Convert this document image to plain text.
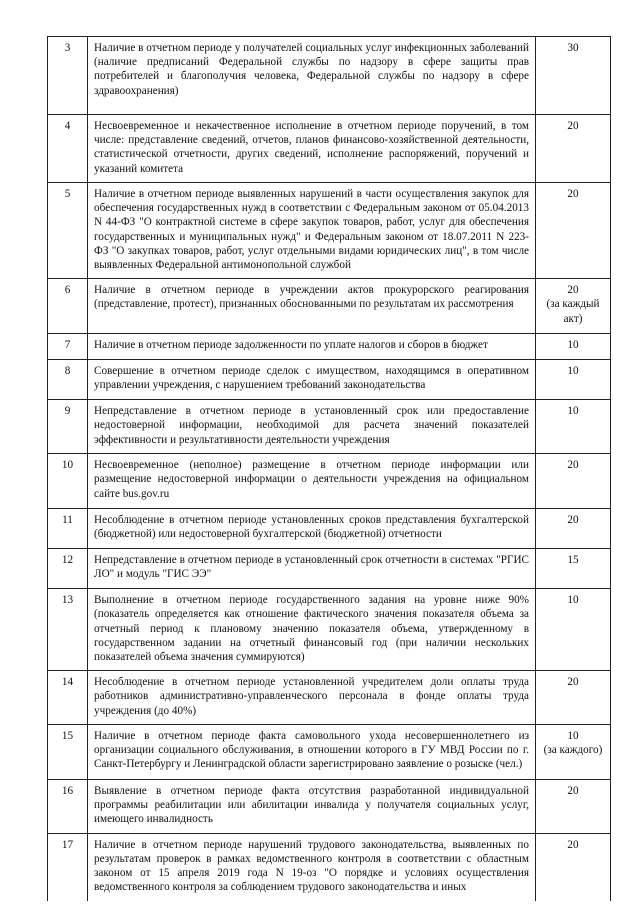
3	Наличие в отчетном периоде у получателей социальных услуг инфекционных заболеваний (наличие предписаний Федеральной службы по надзору в сфере защиты прав потребителей и благополучия человека, Федеральной службы по надзору в сфере здравоохранения)	30
4	Несвоевременное и некачественное исполнение в отчетном периоде поручений, в том числе: представление сведений, отчетов, планов финансово-хозяйственной деятельности, статистической отчетности, других сведений, исполнение распоряжений, поручений и указаний комитета	20
5	Наличие в отчетном периоде выявленных нарушений в части осуществления закупок для обеспечения государственных нужд в соответствии с Федеральным законом от 05.04.2013 N 44-ФЗ "О контрактной системе в сфере закупок товаров, работ, услуг для обеспечения государственных и муниципальных нужд" и Федеральным законом от 18.07.2011 N 223-ФЗ "О закупках товаров, работ, услуг отдельными видами юридических лиц", в том числе выявленных Федеральной антимонопольной службой	20
6	Наличие в отчетном периоде в учреждении актов прокурорского реагирования (представление, протест), признанных обоснованными по результатам их рассмотрения	20
(за каждый акт)

7	Наличие в отчетном периоде задолженности по уплате налогов и сборов в бюджет	10
8	Совершение в отчетном периоде сделок с имуществом, находящимся в оперативном управлении учреждения, с нарушением требований законодательства	10
9	Непредставление в отчетном периоде в установленный срок или предоставление недостоверной информации, необходимой для расчета значений показателей эффективности и результативности деятельности учреждения	10
10	Несвоевременное (неполное) размещение в отчетном периоде информации или размещение недостоверной информации о деятельности учреждения на официальном сайте bus.gov.ru	20
11	Несоблюдение в отчетном периоде установленных сроков представления бухгалтерской (бюджетной) или недостоверной бухгалтерской (бюджетной) отчетности	20
12	Непредставление в отчетном периоде в установленный срок отчетности в системах "РГИС ЛО" и модуль "ГИС ЭЭ"	15
13	Выполнение в отчетном периоде государственного задания на уровне ниже 90% (показатель определяется как отношение фактического значения показателя объема за отчетный период к плановому значению показателя объема, утвержденному в государственном задании на отчетный финансовый год (при наличии нескольких показателей объема значения суммируются)	10
14	Несоблюдение в отчетном периоде установленной учредителем доли оплаты труда работников административно-управленческого персонала в фонде оплаты труда учреждения (до 40%)	20
15	Наличие в отчетном периоде факта самовольного ухода несовершеннолетнего из организации социального обслуживания, в отношении которого в ГУ МВД России по г. Санкт-Петербургу и Ленинградской области зарегистрировано заявление о розыске (чел.)	10
(за каждого)

16	Выявление в отчетном периоде факта отсутствия разработанной индивидуальной программы реабилитации или абилитации инвалида у получателя социальных услуг, имеющего инвалидность	20
17	Наличие в отчетном периоде нарушений трудового законодательства, выявленных по результатам проверок в рамках ведомственного контроля в соответствии с областным законом от 15 апреля 2019 года N 19-оз "О порядке и условиях осуществления ведомственного контроля за соблюдением трудового законодательства и иных	20
